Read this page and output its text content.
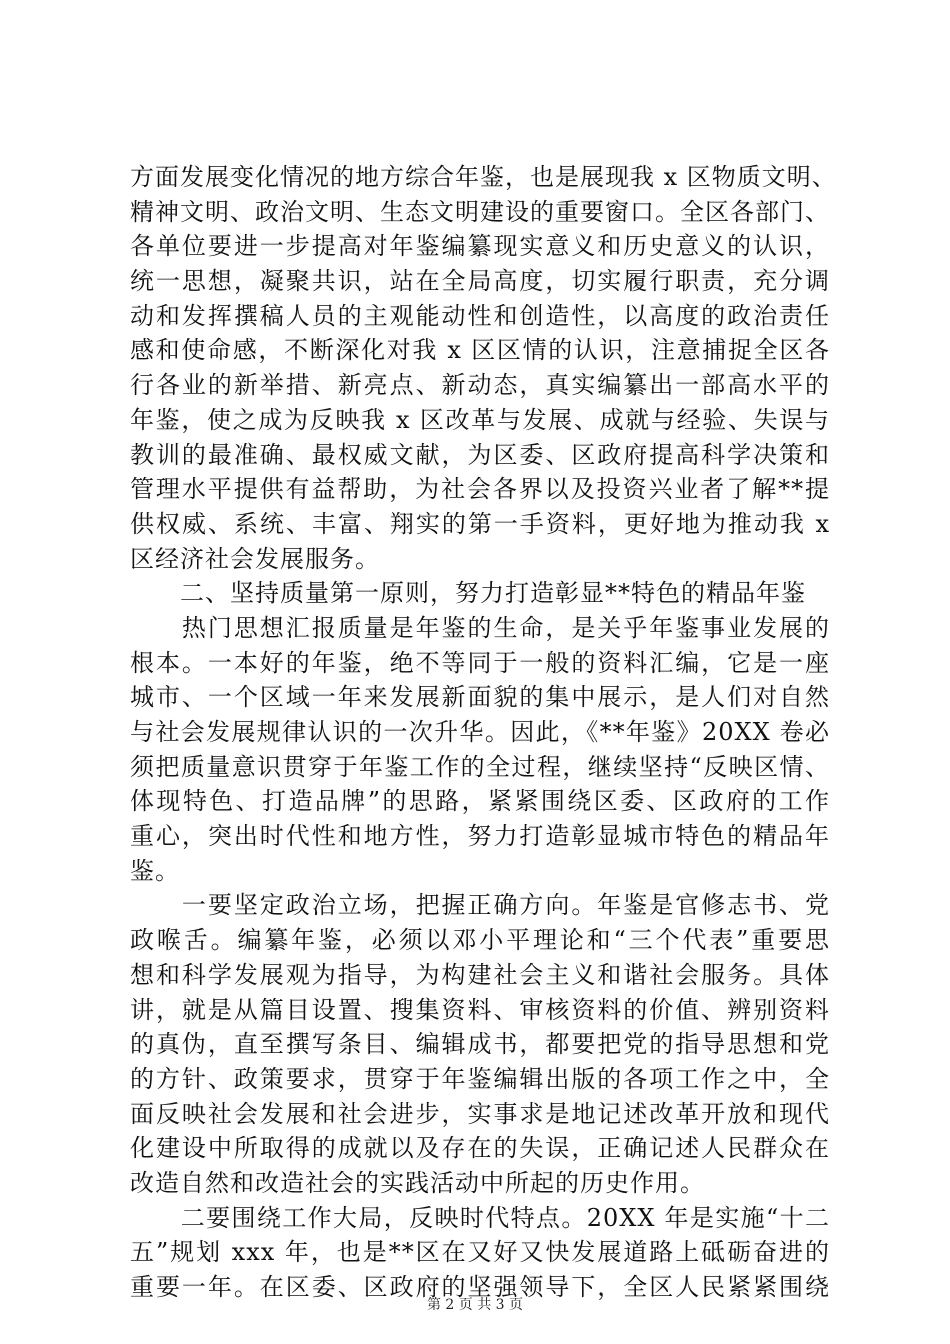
方面发展变化情况的地方综合年鉴，也是展现我 x 区物质文明、
精神文明、政治文明、生态文明建设的重要窗口。全区各部门、
各单位要进一步提高对年鉴编纂现实意义和历史意义的认识，
统一思想，凝聚共识，站在全局高度，切实履行职责，充分调
动和发挥撰稿人员的主观能动性和创造性，以高度的政治责任
感和使命感，不断深化对我 x 区区情的认识，注意捕捉全区各
行各业的新举措、新亮点、新动态，真实编纂出一部高水平的
年鉴，使之成为反映我 x 区改革与发展、成就与经验、失误与
教训的最准确、最权威文献，为区委、区政府提高科学决策和
管理水平提供有益帮助，为社会各界以及投资兴业者了解**提
供权威、系统、丰富、翔实的第一手资料，更好地为推动我 x
区经济社会发展服务。
　　二、坚持质量第一原则，努力打造彰显**特色的精品年鉴
　　热门思想汇报质量是年鉴的生命，是关乎年鉴事业发展的
根本。一本好的年鉴，绝不等同于一般的资料汇编，它是一座
城市、一个区域一年来发展新面貌的集中展示，是人们对自然
与社会发展规律认识的一次升华。因此，《**年鉴》20XX 卷必
须把质量意识贯穿于年鉴工作的全过程，继续坚持“反映区情、
体现特色、打造品牌”的思路，紧紧围绕区委、区政府的工作
重心，突出时代性和地方性，努力打造彰显城市特色的精品年
鉴。
　　一要坚定政治立场，把握正确方向。年鉴是官修志书、党
政喉舌。编纂年鉴，必须以邓小平理论和“三个代表”重要思
想和科学发展观为指导，为构建社会主义和谐社会服务。具体
讲，就是从篇目设置、搜集资料、审核资料的价值、辨别资料
的真伪，直至撰写条目、编辑成书，都要把党的指导思想和党
的方针、政策要求，贯穿于年鉴编辑出版的各项工作之中，全
面反映社会发展和社会进步，实事求是地记述改革开放和现代
化建设中所取得的成就以及存在的失误，正确记述人民群众在
改造自然和改造社会的实践活动中所起的历史作用。
　　二要围绕工作大局，反映时代特点。20XX 年是实施“十二
五”规划 xxx 年，也是**区在又好又快发展道路上砥砺奋进的
重要一年。在区委、区政府的坚强领导下，全区人民紧紧围绕
第 2 页 共 3 页
